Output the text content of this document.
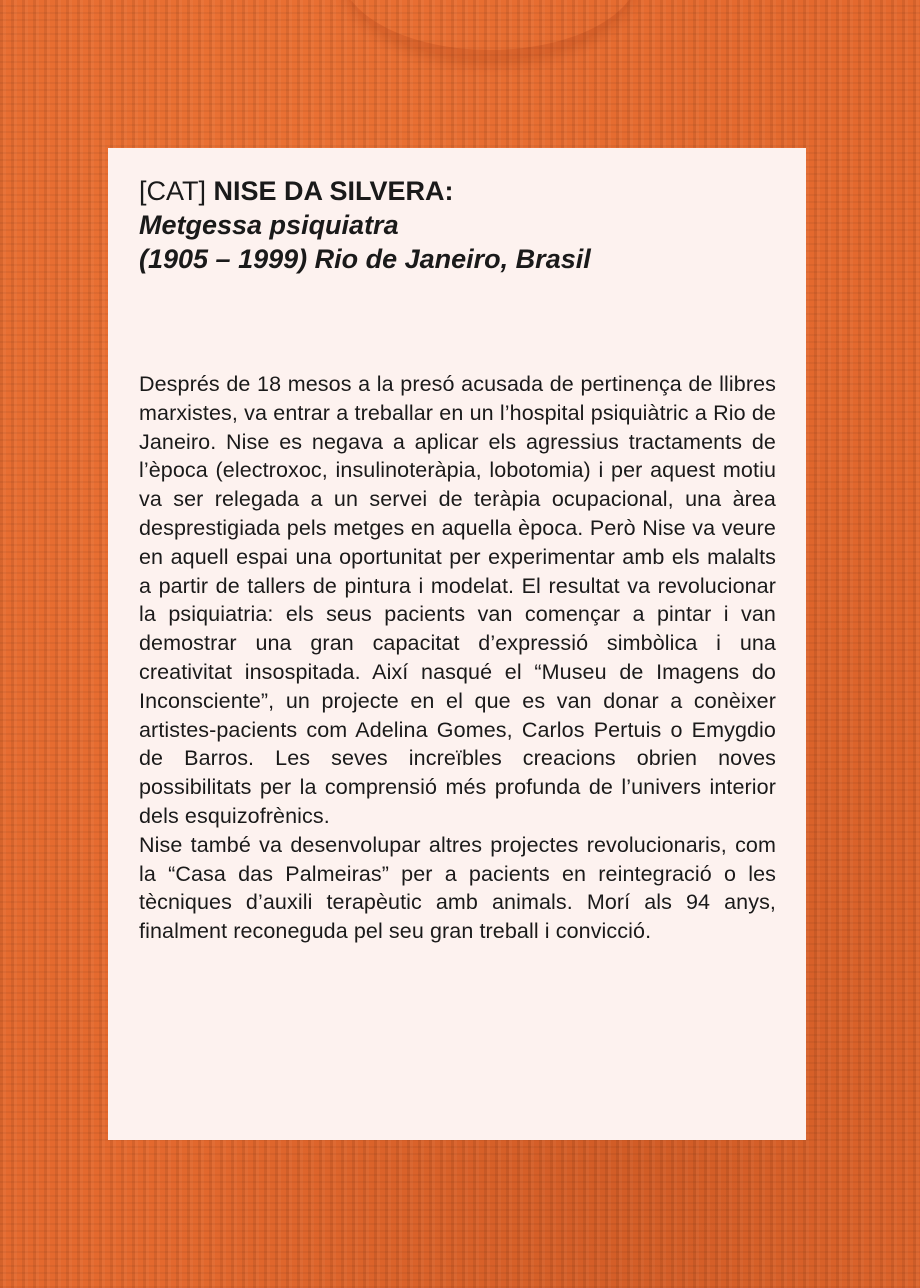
[CAT] NISE DA SILVERA:
Metgessa psiquiatra
(1905 – 1999) Rio de Janeiro, Brasil

Després de 18 mesos a la presó acusada de pertinença de llibres marxistes, va entrar a treballar en un l’hospital psiquiàtric a Rio de Janeiro. Nise es negava a aplicar els agressius tractaments de l’època (electroxoc, insulinoteràpia, lobotomia) i per aquest motiu va ser relegada a un servei de teràpia ocupacional, una àrea desprestigiada pels metges en aquella època. Però Nise va veure en aquell espai una oportunitat per experimentar amb els malalts a partir de tallers de pintura i modelat. El resultat va revolucionar la psiquiatria: els seus pacients van començar a pintar i van demostrar una gran capacitat d’expressió simbòlica i una creativitat insospitada. Així nasqué el “Museu de Imagens do Inconsciente”, un projecte en el que es van donar a conèixer artistes-pacients com Adelina Gomes, Carlos Pertuis o Emygdio de Barros. Les seves increïbles creacions obrien noves possibilitats per la comprensió més profunda de l’univers interior dels esquizofrènics.

Nise també va desenvolupar altres projectes revolucionaris, com la “Casa das Palmeiras” per a pacients en reintegració o les tècniques d’auxili terapèutic amb animals. Morí als 94 anys, finalment reconeguda pel seu gran treball i convicció.
